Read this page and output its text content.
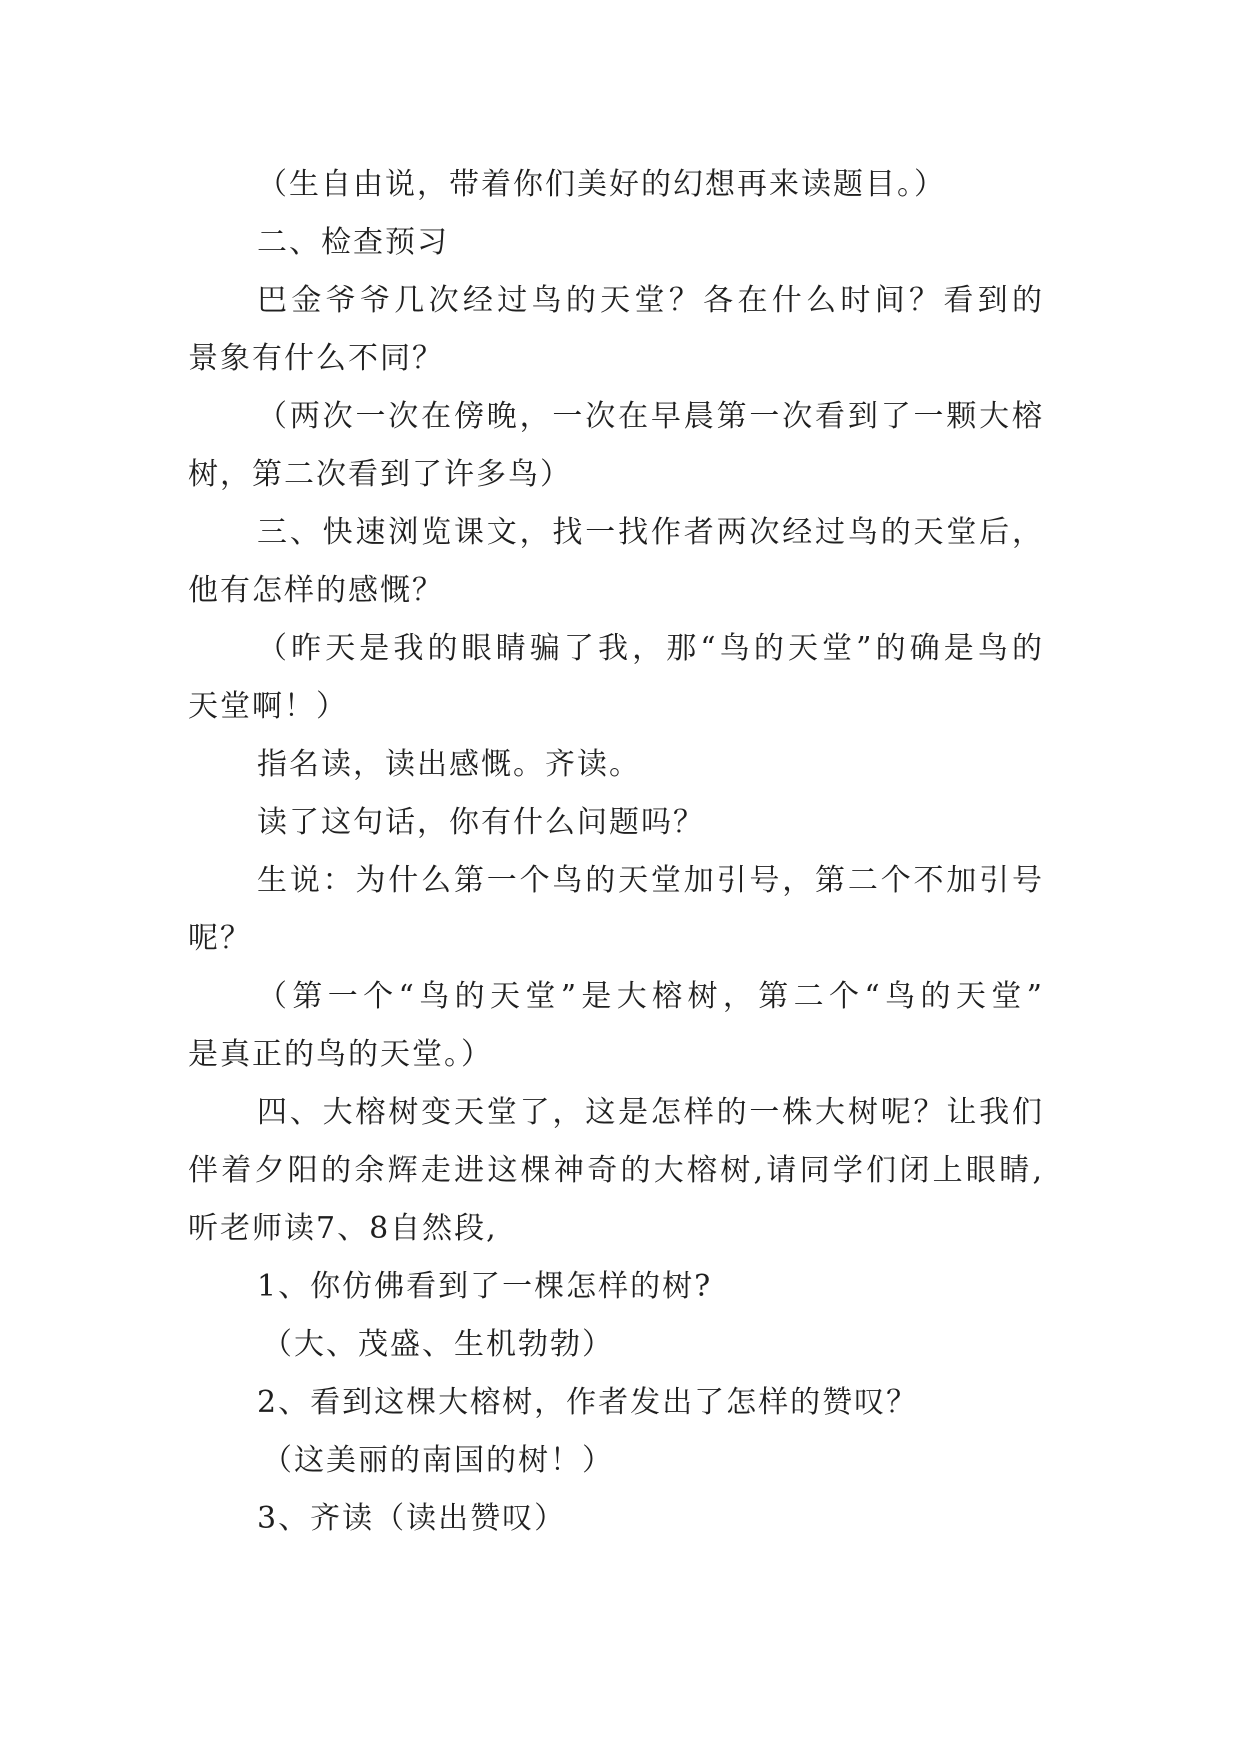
（生自由说，带着你们美好的幻想再来读题目。）
二、检查预习
巴金爷爷几次经过鸟的天堂？各在什么时间？看到的
景象有什么不同？
（两次一次在傍晚，一次在早晨第一次看到了一颗大榕
树，第二次看到了许多鸟）
三、快速浏览课文，找一找作者两次经过鸟的天堂后，
他有怎样的感慨？
（昨天是我的眼睛骗了我，那“鸟的天堂”的确是鸟的
天堂啊！）
指名读，读出感慨。齐读。
读了这句话，你有什么问题吗？
生说：为什么第一个鸟的天堂加引号，第二个不加引号
呢？
（第一个“鸟的天堂”是大榕树，第二个“鸟的天堂”
是真正的鸟的天堂。）
四、大榕树变天堂了，这是怎样的一株大树呢？让我们
伴着夕阳的余辉走进这棵神奇的大榕树,请同学们闭上眼睛,
听老师读7、8自然段,
1、你仿佛看到了一棵怎样的树?
（大、茂盛、生机勃勃）
2、看到这棵大榕树，作者发出了怎样的赞叹？
（这美丽的南国的树！）
3、齐读（读出赞叹）
